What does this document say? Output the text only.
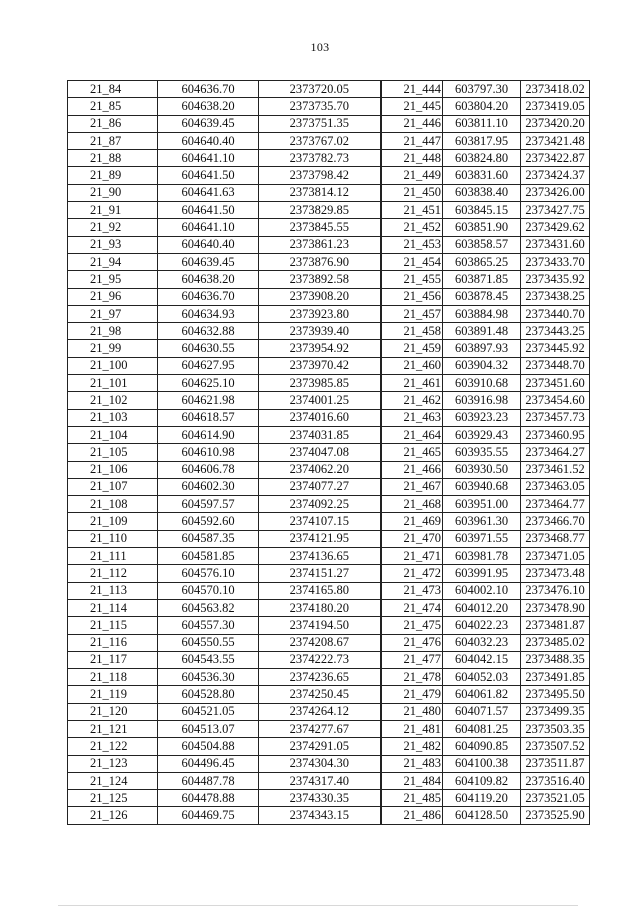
103
21_84	604636.70	2373720.05	21_444	603797.30	2373418.02
21_85	604638.20	2373735.70	21_445	603804.20	2373419.05
21_86	604639.45	2373751.35	21_446	603811.10	2373420.20
21_87	604640.40	2373767.02	21_447	603817.95	2373421.48
21_88	604641.10	2373782.73	21_448	603824.80	2373422.87
21_89	604641.50	2373798.42	21_449	603831.60	2373424.37
21_90	604641.63	2373814.12	21_450	603838.40	2373426.00
21_91	604641.50	2373829.85	21_451	603845.15	2373427.75
21_92	604641.10	2373845.55	21_452	603851.90	2373429.62
21_93	604640.40	2373861.23	21_453	603858.57	2373431.60
21_94	604639.45	2373876.90	21_454	603865.25	2373433.70
21_95	604638.20	2373892.58	21_455	603871.85	2373435.92
21_96	604636.70	2373908.20	21_456	603878.45	2373438.25
21_97	604634.93	2373923.80	21_457	603884.98	2373440.70
21_98	604632.88	2373939.40	21_458	603891.48	2373443.25
21_99	604630.55	2373954.92	21_459	603897.93	2373445.92
21_100	604627.95	2373970.42	21_460	603904.32	2373448.70
21_101	604625.10	2373985.85	21_461	603910.68	2373451.60
21_102	604621.98	2374001.25	21_462	603916.98	2373454.60
21_103	604618.57	2374016.60	21_463	603923.23	2373457.73
21_104	604614.90	2374031.85	21_464	603929.43	2373460.95
21_105	604610.98	2374047.08	21_465	603935.55	2373464.27
21_106	604606.78	2374062.20	21_466	603930.50	2373461.52
21_107	604602.30	2374077.27	21_467	603940.68	2373463.05
21_108	604597.57	2374092.25	21_468	603951.00	2373464.77
21_109	604592.60	2374107.15	21_469	603961.30	2373466.70
21_110	604587.35	2374121.95	21_470	603971.55	2373468.77
21_111	604581.85	2374136.65	21_471	603981.78	2373471.05
21_112	604576.10	2374151.27	21_472	603991.95	2373473.48
21_113	604570.10	2374165.80	21_473	604002.10	2373476.10
21_114	604563.82	2374180.20	21_474	604012.20	2373478.90
21_115	604557.30	2374194.50	21_475	604022.23	2373481.87
21_116	604550.55	2374208.67	21_476	604032.23	2373485.02
21_117	604543.55	2374222.73	21_477	604042.15	2373488.35
21_118	604536.30	2374236.65	21_478	604052.03	2373491.85
21_119	604528.80	2374250.45	21_479	604061.82	2373495.50
21_120	604521.05	2374264.12	21_480	604071.57	2373499.35
21_121	604513.07	2374277.67	21_481	604081.25	2373503.35
21_122	604504.88	2374291.05	21_482	604090.85	2373507.52
21_123	604496.45	2374304.30	21_483	604100.38	2373511.87
21_124	604487.78	2374317.40	21_484	604109.82	2373516.40
21_125	604478.88	2374330.35	21_485	604119.20	2373521.05
21_126	604469.75	2374343.15	21_486	604128.50	2373525.90
